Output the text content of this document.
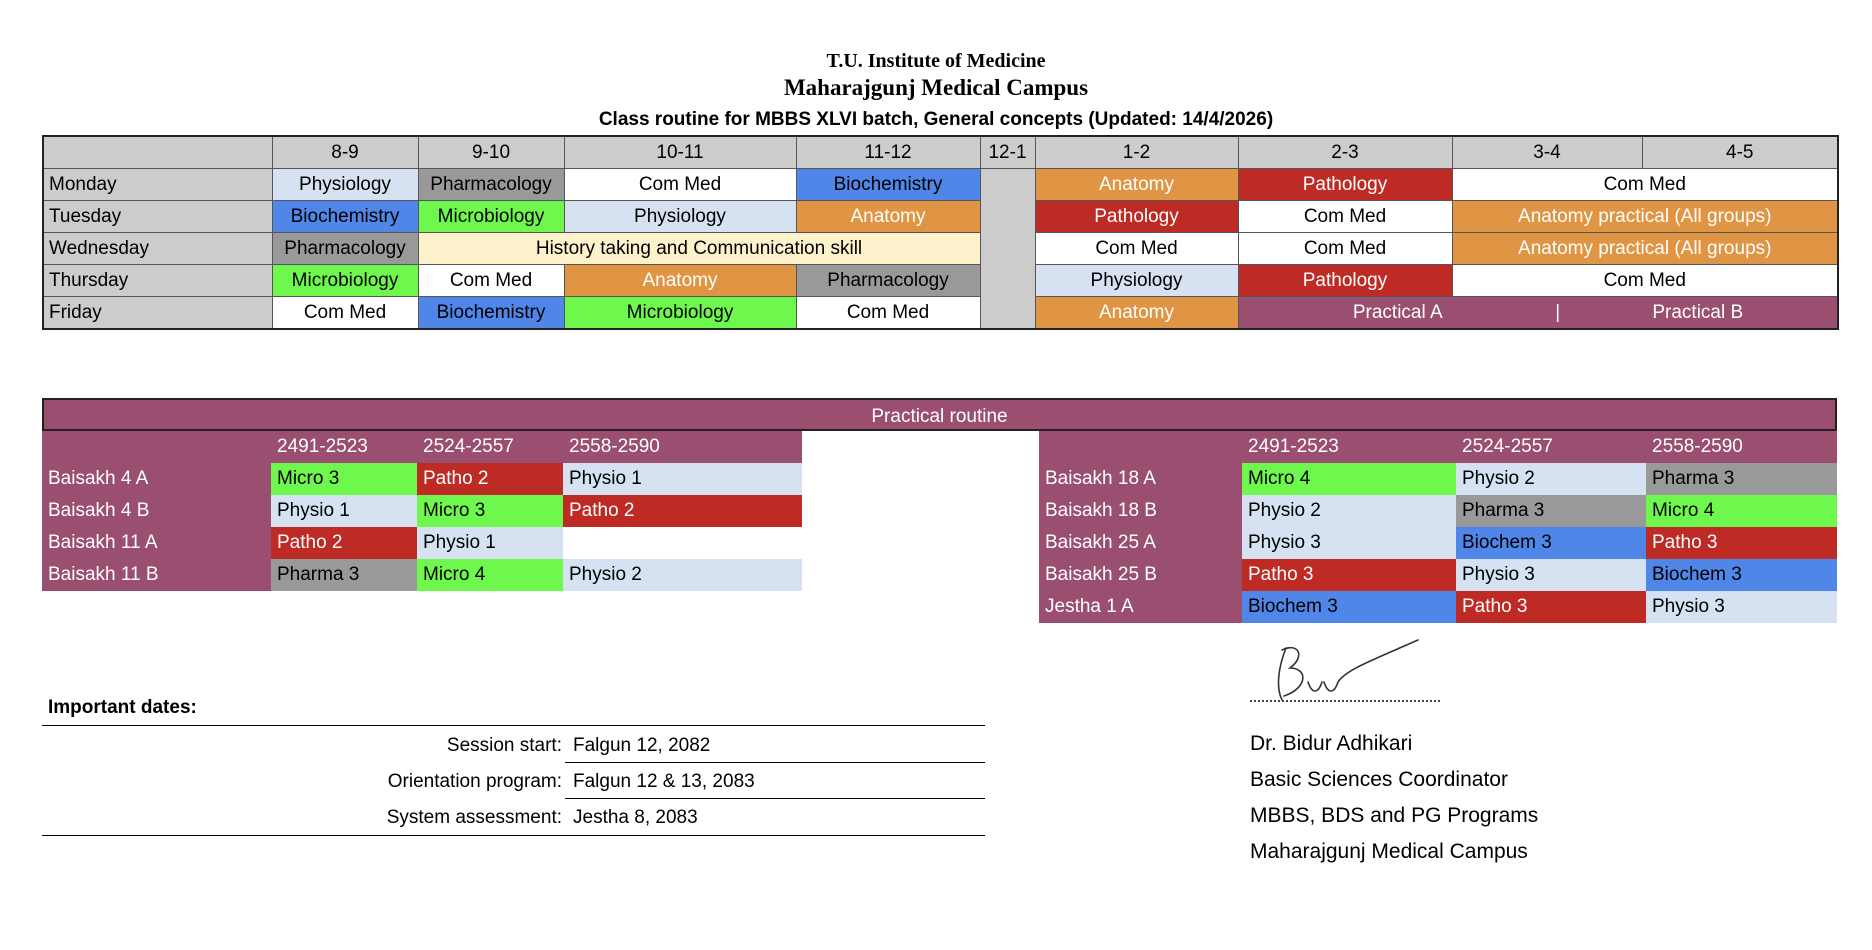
T.U. Institute of Medicine
Maharajgunj Medical Campus
Class routine for MBBS XLVI batch, General concepts (Updated: 14/4/2026)
	8-9	9-10	10-11	11-12	12-1	1-2	2-3	3-4	4-5
Monday	Physiology	Pharmacology	Com Med	Biochemistry		Anatomy	Pathology	Com Med	
Tuesday	Biochemistry	Microbiology	Physiology	Anatomy		Pathology	Com Med	Anatomy practical (All groups)	
Wednesday	Pharmacology	History taking and Communication skill				Com Med	Com Med	Anatomy practical (All groups)	
Thursday	Microbiology	Com Med	Anatomy	Pharmacology		Physiology	Pathology	Com Med	
Friday	Com Med	Biochemistry	Microbiology	Com Med		Anatomy	Practical A | Practical B		
Practical routine
	2491-2523	2524-2557	2558-2590
Baisakh 4 A	Micro 3	Patho 2	Physio 1
Baisakh 4 B	Physio 1	Micro 3	Patho 2
Baisakh 11 A	Patho 2	Physio 1	
Baisakh 11 B	Pharma 3	Micro 4	Physio 2
	2491-2523	2524-2557	2558-2590
Baisakh 18 A	Micro 4	Physio 2	Pharma 3
Baisakh 18 B	Physio 2	Pharma 3	Micro 4
Baisakh 25 A	Physio 3	Biochem 3	Patho 3
Baisakh 25 B	Patho 3	Physio 3	Biochem 3
Jestha 1 A	Biochem 3	Patho 3	Physio 3
Important dates:
Session start: Falgun 12, 2082
Orientation program: Falgun 12 & 13, 2083
System assessment: Jestha 8, 2083
Dr. Bidur Adhikari
Basic Sciences Coordinator
MBBS, BDS and PG Programs
Maharajgunj Medical Campus
